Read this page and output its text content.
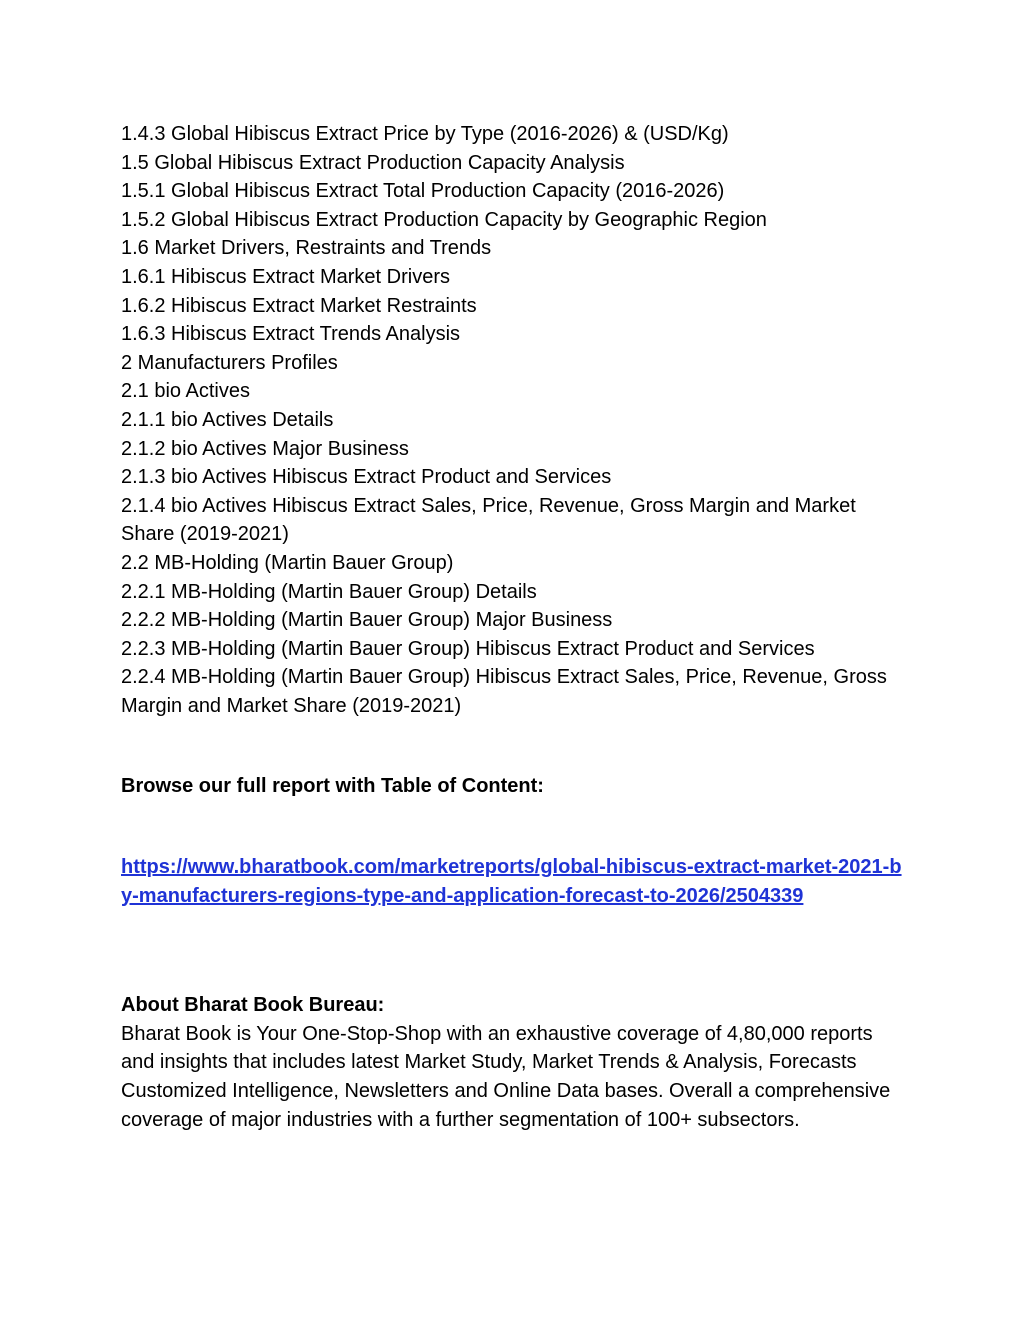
1.4.3 Global Hibiscus Extract Price by Type (2016-2026) & (USD/Kg)

1.5 Global Hibiscus Extract Production Capacity Analysis

1.5.1 Global Hibiscus Extract Total Production Capacity (2016-2026)

1.5.2 Global Hibiscus Extract Production Capacity by Geographic Region

1.6 Market Drivers, Restraints and Trends

1.6.1 Hibiscus Extract Market Drivers

1.6.2 Hibiscus Extract Market Restraints

1.6.3 Hibiscus Extract Trends Analysis

2 Manufacturers Profiles

2.1 bio Actives

2.1.1 bio Actives Details

2.1.2 bio Actives Major Business

2.1.3 bio Actives Hibiscus Extract Product and Services

2.1.4 bio Actives Hibiscus Extract Sales, Price, Revenue, Gross Margin and Market Share (2019-2021)

2.2 MB-Holding (Martin Bauer Group)

2.2.1 MB-Holding (Martin Bauer Group) Details

2.2.2 MB-Holding (Martin Bauer Group) Major Business

2.2.3 MB-Holding (Martin Bauer Group) Hibiscus Extract Product and Services

2.2.4 MB-Holding (Martin Bauer Group) Hibiscus Extract Sales, Price, Revenue, Gross Margin and Market Share (2019-2021)

Browse our full report with Table of Content:

https://www.bharatbook.com/marketreports/global-hibiscus-extract-market-2021-by-manufacturers-regions-type-and-application-forecast-to-2026/2504339

About Bharat Book Bureau:

Bharat Book is Your One-Stop-Shop with an exhaustive coverage of 4,80,000 reports and insights that includes latest Market Study, Market Trends & Analysis, Forecasts Customized Intelligence, Newsletters and Online Data bases. Overall a comprehensive coverage of major industries with a further segmentation of 100+ subsectors.
